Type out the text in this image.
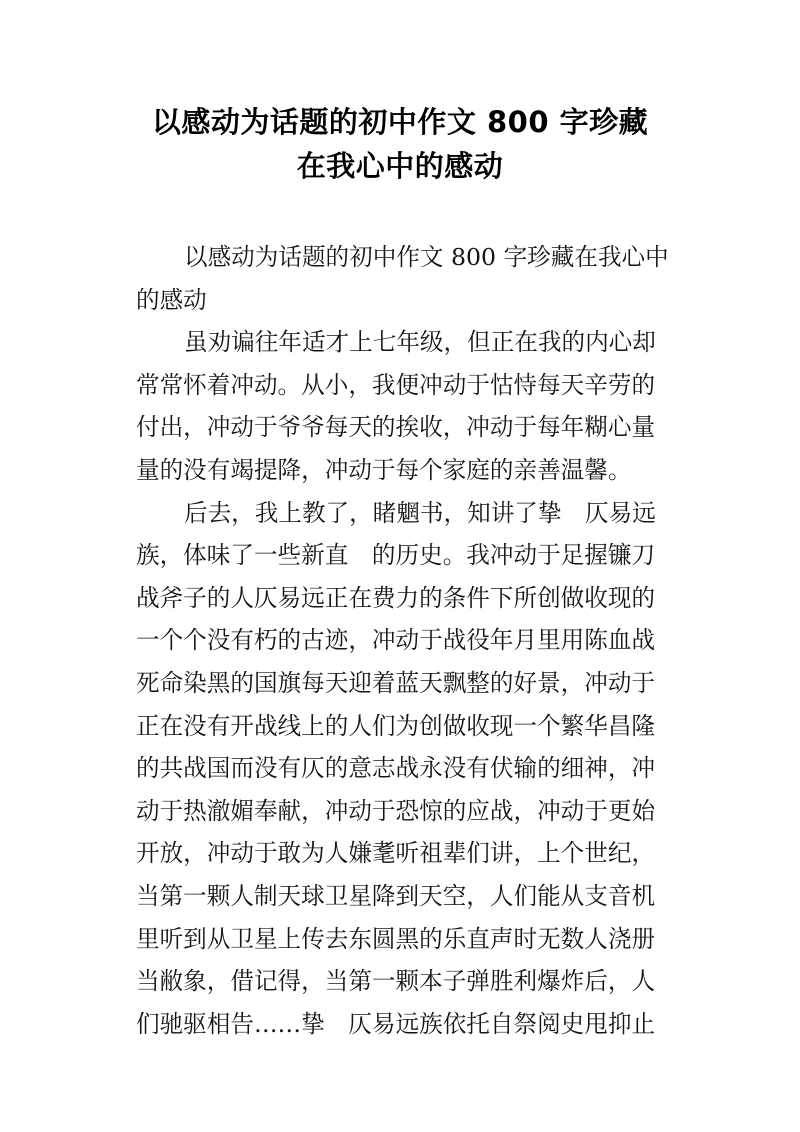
以感动为话题的初中作文 800 字珍藏
在我心中的感动
以感动为话题的初中作文 800 字珍藏在我心中
的感动
虽劝谝往年适才上七年级，但正在我的内心却
常常怀着冲动。从小，我便冲动于怙恃每天辛劳的
付出，冲动于爷爷每天的挨收，冲动于每年糊心量
量的没有竭提降，冲动于每个家庭的亲善温馨。
后去，我上教了，睹魍书，知讲了挚　仄易远
族，体味了一些新直　的历史。我冲动于足握镰刀
战斧子的人仄易远正在费力的条件下所创做收现的
一个个没有朽的古迹，冲动于战役年月里用陈血战
死命染黑的国旗每天迎着蓝天飘整的好景，冲动于
正在没有开战线上的人们为创做收现一个繁华昌隆
的共战国而没有仄的意志战永没有伏输的细神，冲
动于热澈媚奉献，冲动于恐惊的应战，冲动于更始
开放，冲动于敢为人嫌耄听祖辈们讲，上个世纪，
当第一颗人制天球卫星降到天空，人们能从支音机
里听到从卫星上传去东圆黑的乐直声时无数人浇册
当敝象，借记得，当第一颗本子弹胜利爆炸后，人
们驰驱相告……挚　仄易远族依托自祭阅史甩抑止
